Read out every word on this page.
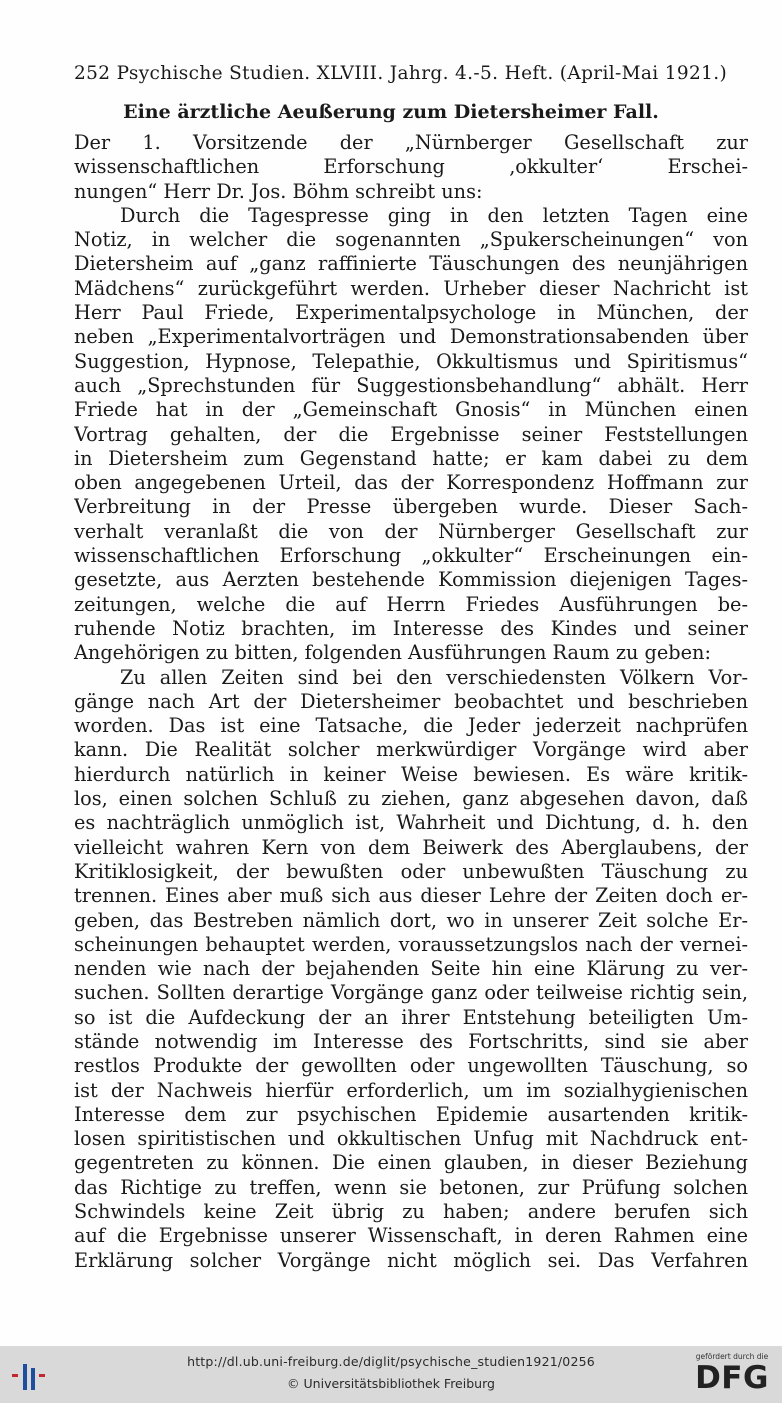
252 Psychische Studien. XLVIII. Jahrg. 4.-5. Heft. (April-Mai 1921.)
Eine ärztliche Aeußerung zum Dietersheimer Fall.
Der 1. Vorsitzende der „Nürnberger Gesellschaft zur
wissenschaftlichen Erforschung ‚okkulter‘ Erschei-
nungen“ Herr Dr. Jos. Böhm schreibt uns:
Durch die Tagespresse ging in den letzten Tagen eine
Notiz, in welcher die sogenannten „Spukerscheinungen“ von
Dietersheim auf „ganz raffinierte Täuschungen des neunjährigen
Mädchens“ zurückgeführt werden. Urheber dieser Nachricht ist
Herr Paul Friede, Experimentalpsychologe in München, der
neben „Experimentalvorträgen und Demonstrationsabenden über
Suggestion, Hypnose, Telepathie, Okkultismus und Spiritismus“
auch „Sprechstunden für Suggestionsbehandlung“ abhält. Herr
Friede hat in der „Gemeinschaft Gnosis“ in München einen
Vortrag gehalten, der die Ergebnisse seiner Feststellungen
in Dietersheim zum Gegenstand hatte; er kam dabei zu dem
oben angegebenen Urteil, das der Korrespondenz Hoffmann zur
Verbreitung in der Presse übergeben wurde. Dieser Sach-
verhalt veranlaßt die von der Nürnberger Gesellschaft zur
wissenschaftlichen Erforschung „okkulter“ Erscheinungen ein-
gesetzte, aus Aerzten bestehende Kommission diejenigen Tages-
zeitungen, welche die auf Herrn Friedes Ausführungen be-
ruhende Notiz brachten, im Interesse des Kindes und seiner
Angehörigen zu bitten, folgenden Ausführungen Raum zu geben:
Zu allen Zeiten sind bei den verschiedensten Völkern Vor-
gänge nach Art der Dietersheimer beobachtet und beschrieben
worden. Das ist eine Tatsache, die Jeder jederzeit nachprüfen
kann. Die Realität solcher merkwürdiger Vorgänge wird aber
hierdurch natürlich in keiner Weise bewiesen. Es wäre kritik-
los, einen solchen Schluß zu ziehen, ganz abgesehen davon, daß
es nachträglich unmöglich ist, Wahrheit und Dichtung, d. h. den
vielleicht wahren Kern von dem Beiwerk des Aberglaubens, der
Kritiklosigkeit, der bewußten oder unbewußten Täuschung zu
trennen. Eines aber muß sich aus dieser Lehre der Zeiten doch er-
geben, das Bestreben nämlich dort, wo in unserer Zeit solche Er-
scheinungen behauptet werden, voraussetzungslos nach der vernei-
nenden wie nach der bejahenden Seite hin eine Klärung zu ver-
suchen. Sollten derartige Vorgänge ganz oder teilweise richtig sein,
so ist die Aufdeckung der an ihrer Entstehung beteiligten Um-
stände notwendig im Interesse des Fortschritts, sind sie aber
restlos Produkte der gewollten oder ungewollten Täuschung, so
ist der Nachweis hierfür erforderlich, um im sozialhygienischen
Interesse dem zur psychischen Epidemie ausartenden kritik-
losen spiritistischen und okkultischen Unfug mit Nachdruck ent-
gegentreten zu können. Die einen glauben, in dieser Beziehung
das Richtige zu treffen, wenn sie betonen, zur Prüfung solchen
Schwindels keine Zeit übrig zu haben; andere berufen sich
auf die Ergebnisse unserer Wissenschaft, in deren Rahmen eine
Erklärung solcher Vorgänge nicht möglich sei. Das Verfahren
http://dl.ub.uni-freiburg.de/diglit/psychische_studien1921/0256
© Universitätsbibliothek Freiburg
gefördert durch die
DFG
